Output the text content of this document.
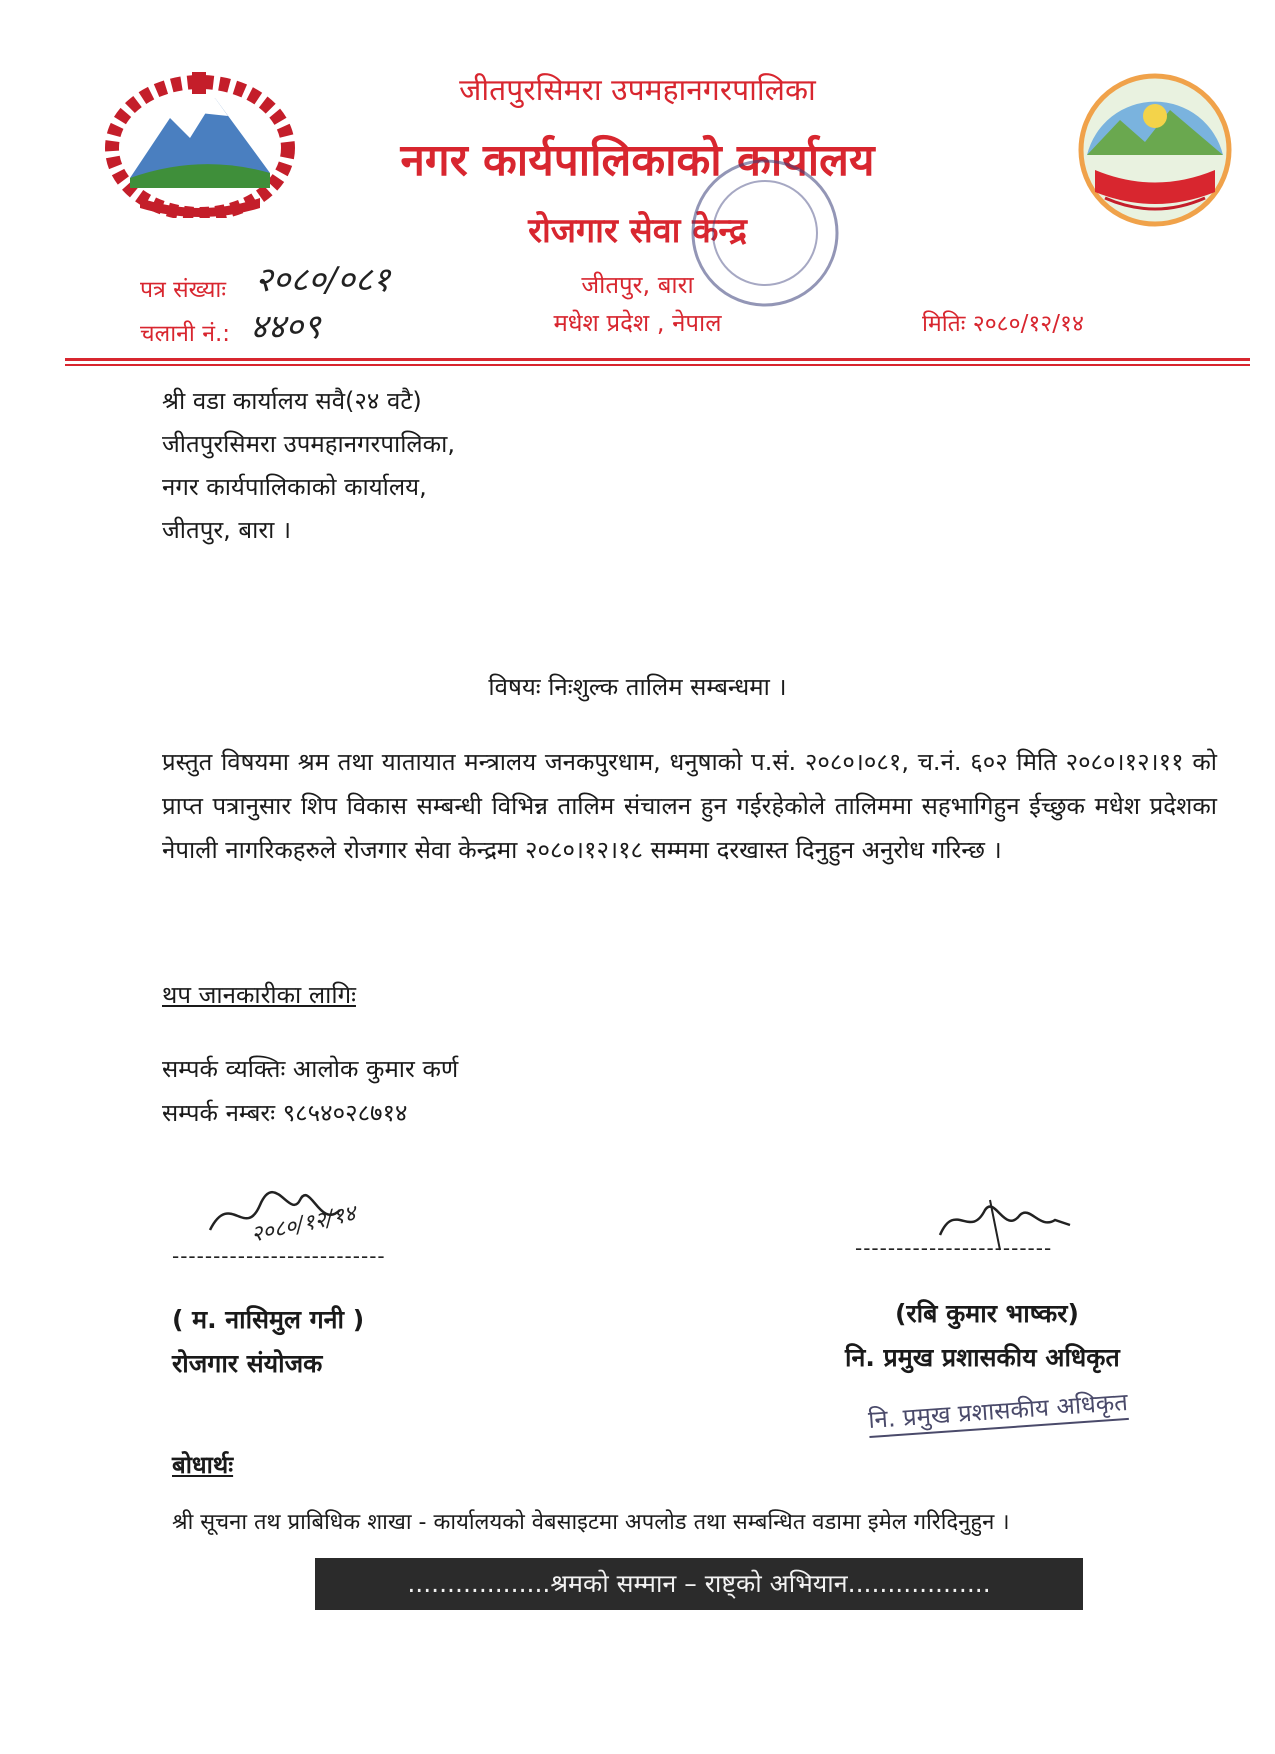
जीतपुरसिमरा उपमहानगरपालिका
नगर कार्यपालिकाको कार्यालय
रोजगार सेवा केन्द्र
जीतपुर, बारा
मधेश प्रदेश , नेपाल
पत्र संख्याः २०८०/०८१
चलानी नं.: ४४०९	मितिः २०८०/१२/१४
श्री वडा कार्यालय सवै(२४ वटै)
जीतपुरसिमरा उपमहानगरपालिका,
नगर कार्यपालिकाको कार्यालय,
जीतपुर, बारा ।
विषयः निःशुल्क तालिम सम्बन्धमा ।
प्रस्तुत विषयमा श्रम तथा यातायात मन्त्रालय जनकपुरधाम, धनुषाको प.सं. २०८०।०८१, च.नं. ६०२ मिति २०८०।१२।११ को प्राप्त पत्रानुसार शिप विकास सम्बन्धी विभिन्न तालिम संचालन हुन गईरहेकोले तालिममा सहभागिहुन ईच्छुक मधेश प्रदेशका नेपाली नागरिकहरुले रोजगार सेवा केन्द्रमा २०८०।१२।१८ सम्ममा दरखास्त दिनुहुन अनुरोध गरिन्छ ।
थप जानकारीका लागिः
सम्पर्क व्यक्तिः आलोक कुमार कर्ण
सम्पर्क नम्बरः ९८५४०२८७१४
२०८०/१२/१४
--------------------------
( म. नासिमुल गनी )
रोजगार संयोजक
------------------------
(रबि कुमार भाष्कर)
नि. प्रमुख प्रशासकीय अधिकृत
नि. प्रमुख प्रशासकीय अधिकृत
बोधार्थः
श्री सूचना तथ प्राबिधिक शाखा - कार्यालयको वेबसाइटमा अपलोड तथा सम्बन्धित वडामा इमेल गरिदिनुहुन ।
..................श्रमको सम्मान – राष्ट्को अभियान..................
